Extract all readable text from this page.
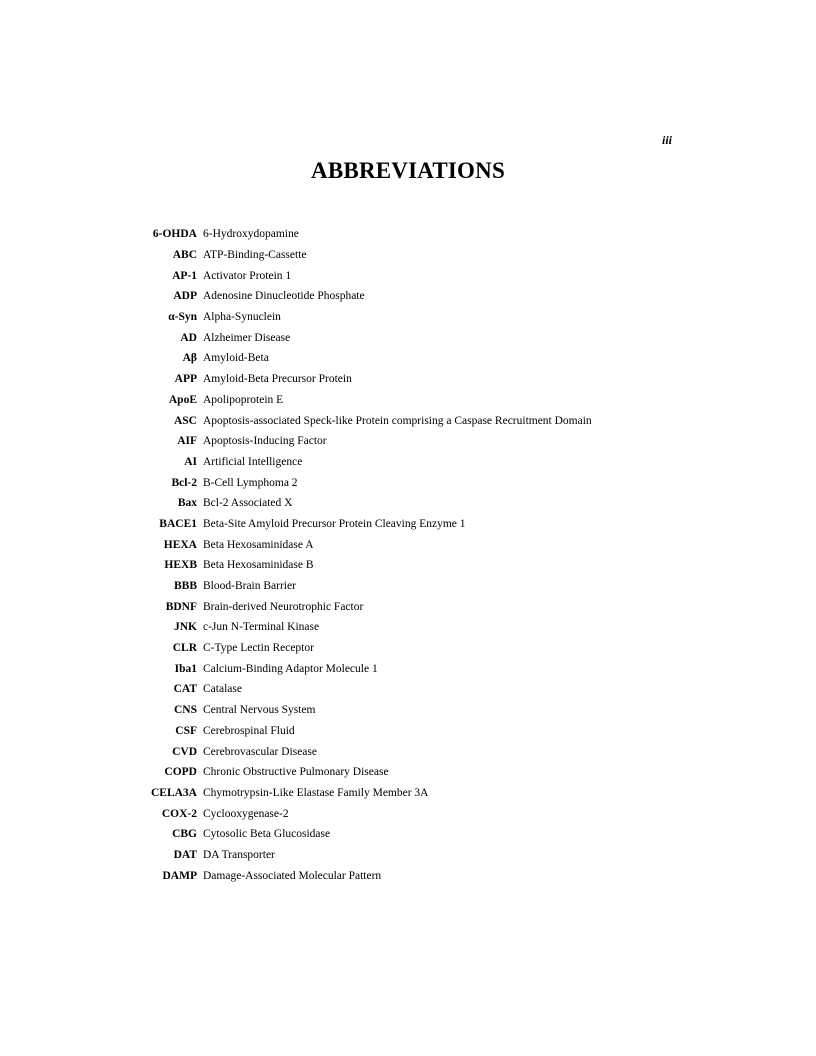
iii
ABBREVIATIONS
6-OHDA 6-Hydroxydopamine
ABC ATP-Binding-Cassette
AP-1 Activator Protein 1
ADP Adenosine Dinucleotide Phosphate
α-Syn Alpha-Synuclein
AD Alzheimer Disease
Aβ Amyloid-Beta
APP Amyloid-Beta Precursor Protein
ApoE Apolipoprotein E
ASC Apoptosis-associated Speck-like Protein comprising a Caspase Recruitment Domain
AIF Apoptosis-Inducing Factor
AI Artificial Intelligence
Bcl-2 B-Cell Lymphoma 2
Bax Bcl-2 Associated X
BACE1 Beta-Site Amyloid Precursor Protein Cleaving Enzyme 1
HEXA Beta Hexosaminidase A
HEXB Beta Hexosaminidase B
BBB Blood-Brain Barrier
BDNF Brain-derived Neurotrophic Factor
JNK c-Jun N-Terminal Kinase
CLR C-Type Lectin Receptor
Iba1 Calcium-Binding Adaptor Molecule 1
CAT Catalase
CNS Central Nervous System
CSF Cerebrospinal Fluid
CVD Cerebrovascular Disease
COPD Chronic Obstructive Pulmonary Disease
CELA3A Chymotrypsin-Like Elastase Family Member 3A
COX-2 Cyclooxygenase-2
CBG Cytosolic Beta Glucosidase
DAT DA Transporter
DAMP Damage-Associated Molecular Pattern
